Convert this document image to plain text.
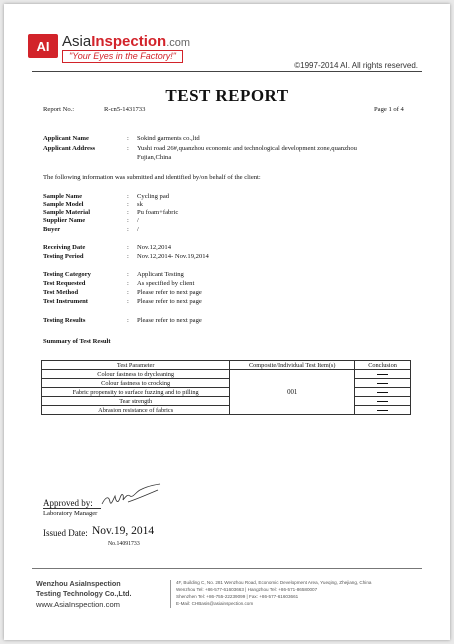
AI AsiaInspection.com
"Your Eyes in the Factory!"
©1997-2014 AI. All rights reserved.
TEST REPORT
Report No.:	R-cn5-1431733	Page 1 of 4
Applicant Name	: Sokind garments co.,ltd
Applicant Address	: Yushi road 26#,quanzhou economic and technological development zone,quanzhou
Fujian,China
The following information was submitted and identified by/on behalf of the client:
Sample Name	: Cycling pad
Sample Model	: sk
Sample Material	: Pu foam+fabric
Supplier Name	: /
Buyer	: /
Receiving Date	: Nov.12,2014
Testing Period	: Nov.12,2014- Nov.19,2014
Testing Category	: Applicant Testing
Test Requested	: As specified by client
Test Method	: Please refer to next page
Test Instrument	: Please refer to next page
Testing Results	: Please refer to next page
Summary of Test Result
Test Parameter	Composite/Individual Test Item(s)	Conclusion
Colour fastness to drycleaning	001	
Colour fastness to crocking		
Fabric propensity to surface fuzzing and to pilling		
Tear strength		
Abrasion resistance of fabrics		
Approved by:
Laboratory Manager
Issued Date: Nov.19, 2014
No.14091733
Wenzhou AsiaInspection
Testing Technology Co.,Ltd.
www.AsiaInspection.com
4F, Building C, No. 281 Wenzhou Road, Economic Development Area, Yueqing, Zhejiang, China
Wenzhou Tel: +86-577-61603663 | Hangzhou Tel: +86-571-86580007
Shenzhen Tel: +86-755-22239099 | Fax: +86-577-61603661
E-Mail: CHBasis@asiainspection.com
